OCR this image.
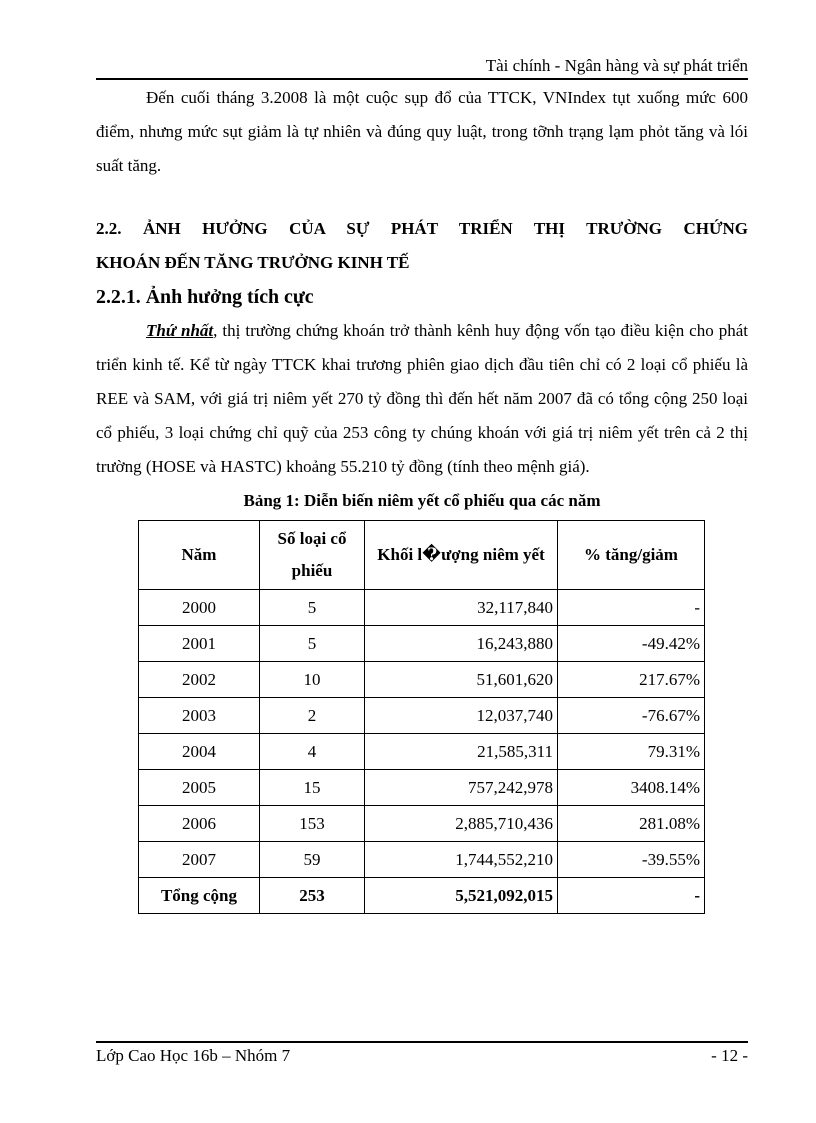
Tài chính - Ngân hàng và sự phát triển

Đến cuối tháng 3.2008 là một cuộc sụp đổ của TTCK, VNIndex tụt xuống mức 600 điểm, nhưng mức sụt giảm là tự nhiên và đúng quy luật, trong tỡnh trạng lạm phỏt tăng và lói suất tăng.

2.2. ẢNH HƯỞNG CỦA SỰ PHÁT TRIỂN THỊ TRƯỜNG CHỨNG
KHOÁN ĐẾN TĂNG TRƯỞNG KINH TẾ
2.2.1. Ảnh hưởng tích cực

Thứ nhất, thị trường chứng khoán trở thành kênh huy động vốn tạo điều kiện cho phát triển kinh tế. Kể từ ngày TTCK khai trương phiên giao dịch đầu tiên chỉ có 2 loại cổ phiếu là REE và SAM, với giá trị niêm yết 270 tỷ đồng thì đến hết năm 2007 đã có tổng cộng 250 loại cổ phiếu, 3 loại chứng chỉ quỹ của 253 công ty chúng khoán với giá trị niêm yết trên cả 2 thị trường (HOSE và HASTC) khoảng 55.210 tỷ đồng (tính theo mệnh giá).

Bảng 1: Diễn biến niêm yết cổ phiếu qua các năm

Năm	Số loại cổ phiếu	Khối l�ượng niêm yết	% tăng/giảm
2000	5	32,117,840	-
2001	5	16,243,880	-49.42%
2002	10	51,601,620	217.67%
2003	2	12,037,740	-76.67%
2004	4	21,585,311	79.31%
2005	15	757,242,978	3408.14%
2006	153	2,885,710,436	281.08%
2007	59	1,744,552,210	-39.55%
Tổng cộng	253	5,521,092,015	-
Lớp Cao Học 16b – Nhóm 7	- 12 -
